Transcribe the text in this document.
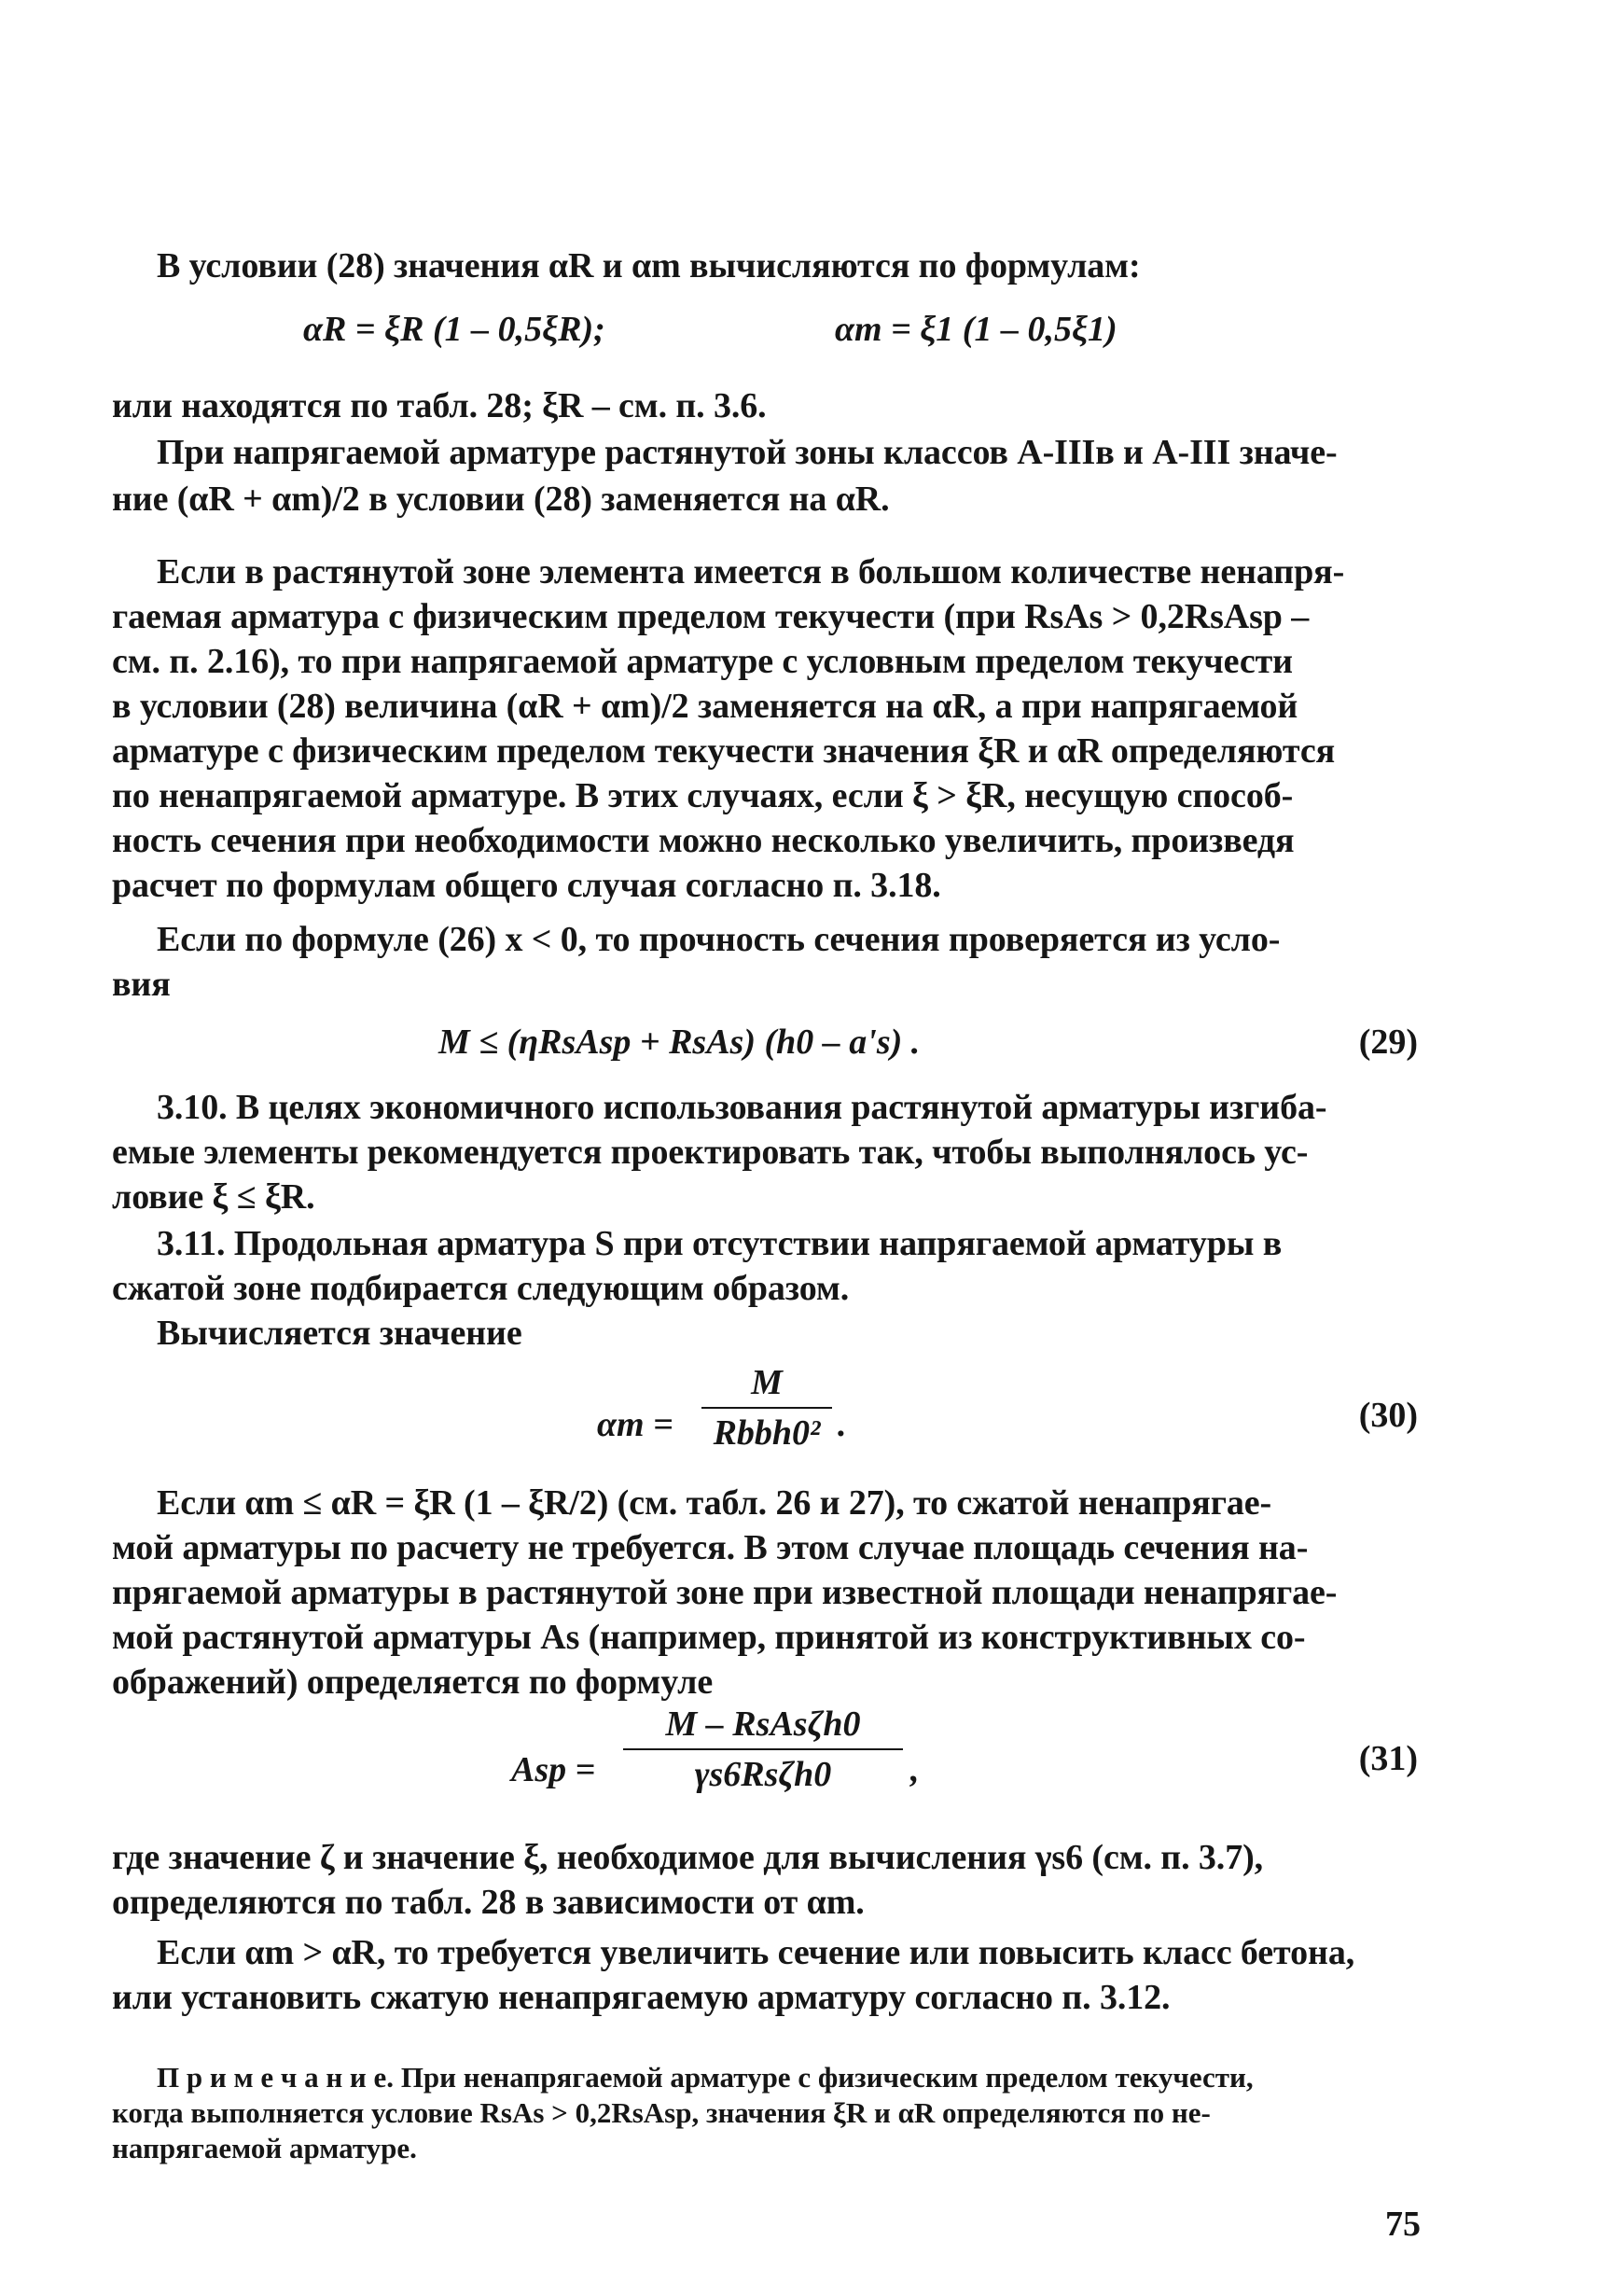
В условии (28) значения αR и αm вычисляются по формулам:
αR = ξR (1 – 0,5ξR);	αm = ξ1 (1 – 0,5ξ1)
или находятся по табл. 28; ξR – см. п. 3.6.
При напрягаемой арматуре растянутой зоны классов А-IIIв и А-III значе-
ние (αR + αm)/2 в условии (28) заменяется на αR.
Если в растянутой зоне элемента имеется в большом количестве ненапря-
гаемая арматура с физическим пределом текучести (при RsAs > 0,2RsAsp –
см. п. 2.16), то при напрягаемой арматуре с условным пределом текучести
в условии (28) величина (αR + αm)/2 заменяется на αR, а при напрягаемой
арматуре с физическим пределом текучести значения ξR и αR определяются
по ненапрягаемой арматуре. В этих случаях, если ξ > ξR, несущую способ-
ность сечения при необходимости можно несколько увеличить, произведя
расчет по формулам общего случая согласно п. 3.18.
Если по формуле (26) x < 0, то прочность сечения проверяется из усло-
вия
M ≤ (ηRsAsp + RsAs) (h0 – a's) .	(29)
3.10. В целях экономичного использования растянутой арматуры изгиба-
емые элементы рекомендуется проектировать так, чтобы выполнялось ус-
ловие ξ ≤ ξR.
3.11. Продольная арматура S при отсутствии напрягаемой арматуры в
сжатой зоне подбирается следующим образом.
Вычисляется значение
αm =
M
Rbbh0² .	(30)
Если αm ≤ αR = ξR (1 – ξR/2) (см. табл. 26 и 27), то сжатой ненапрягае-
мой арматуры по расчету не требуется. В этом случае площадь сечения на-
прягаемой арматуры в растянутой зоне при известной площади ненапрягае-
мой растянутой арматуры As (например, принятой из конструктивных со-
ображений) определяется по формуле
Asp =
M – RsAsζh0
γs6Rsζh0	,	(31)
где значение ζ и значение ξ, необходимое для вычисления γs6 (см. п. 3.7),
определяются по табл. 28 в зависимости от αm.
Если αm > αR, то требуется увеличить сечение или повысить класс бетона,
или установить сжатую ненапрягаемую арматуру согласно п. 3.12.
П р и м е ч а н и е. При ненапрягаемой арматуре с физическим пределом текучести,
когда выполняется условие RsAs > 0,2RsAsp, значения ξR и αR определяются по не-
напрягаемой арматуре.
75
